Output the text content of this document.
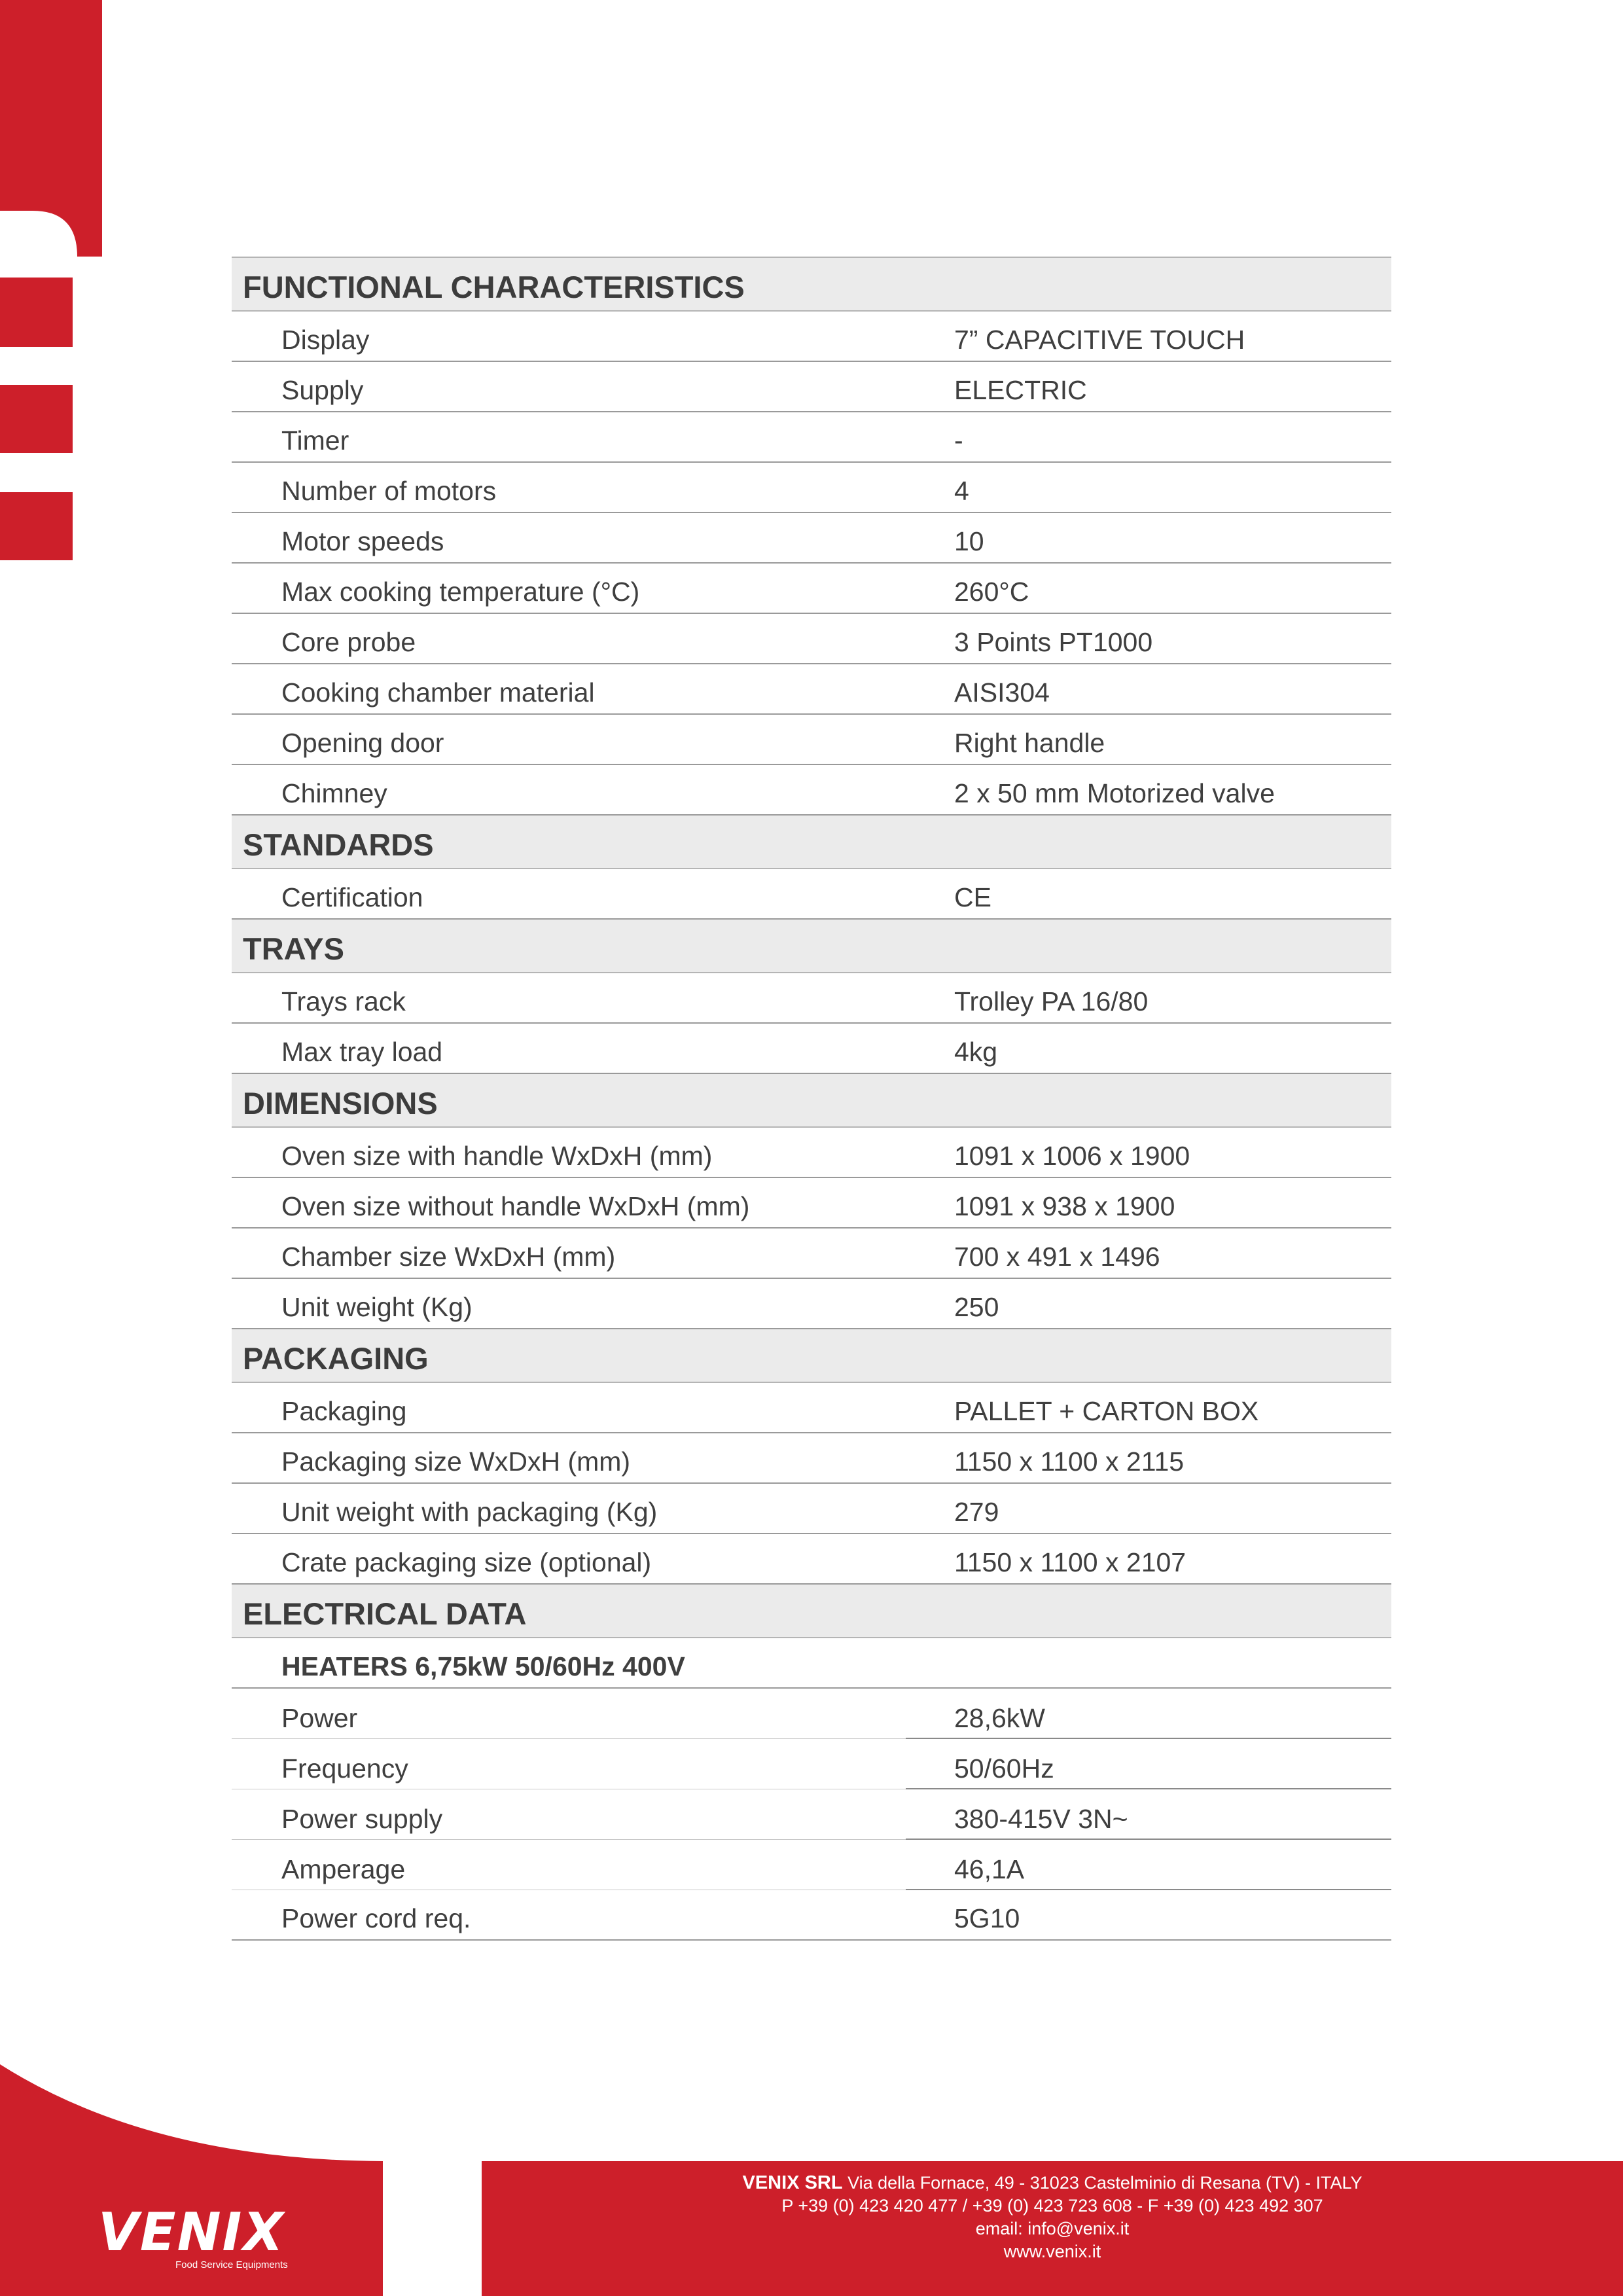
FUNCTIONAL CHARACTERISTICS
Display	7” CAPACITIVE TOUCH
Supply	ELECTRIC
Timer	-
Number of motors	4
Motor speeds	10
Max cooking temperature (°C)	260°C
Core probe	3 Points PT1000
Cooking chamber material	AISI304
Opening door	Right handle
Chimney	2 x 50 mm Motorized valve
STANDARDS
Certification	CE
TRAYS
Trays rack	Trolley PA 16/80
Max tray load	4kg
DIMENSIONS
Oven size with handle WxDxH (mm)	1091 x 1006 x 1900
Oven size without handle WxDxH (mm)	1091 x 938 x 1900
Chamber size WxDxH (mm)	700 x 491 x 1496
Unit weight (Kg)	250
PACKAGING
Packaging	PALLET + CARTON BOX
Packaging size WxDxH (mm)	1150 x 1100 x 2115
Unit weight with packaging (Kg)	279
Crate packaging size (optional)	1150 x 1100 x 2107
ELECTRICAL DATA
HEATERS 6,75kW 50/60Hz 400V
Power	28,6kW
Frequency	50/60Hz
Power supply	380-415V 3N~
Amperage	46,1A
Power cord req.	5G10
VENIX SRL Via della Fornace, 49 - 31023 Castelminio di Resana (TV) - ITALY
P +39 (0) 423 420 477 / +39 (0) 423 723 608 - F +39 (0) 423 492 307
email: info@venix.it
www.venix.it
VENIX
Food Service Equipments
